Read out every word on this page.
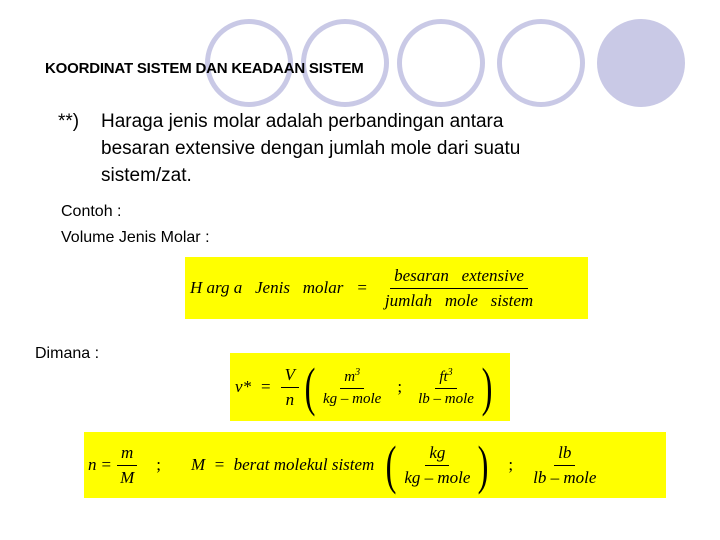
KOORDINAT SISTEM DAN KEADAAN SISTEM
**) Haraga jenis molar adalah perbandingan antara
besaran extensive dengan jumlah mole dari suatu
sistem/zat.
Contoh :
Volume Jenis Molar :
H arg a   Jenis   molar = $\frac{\text{besaran   extensive}}{\text{jumlah   mole   sistem}}$
Dimana :
$v* = \frac{V}{n}$ ( $\frac{m^3}{\text{kg – mole}}$ ; $\frac{ft^3}{\text{lb – mole}}$ )
$n = \frac{m}{M}$ ; M  =  berat molekul sistem ( $\frac{kg}{\text{kg – mole}}$ ) ; $\frac{lb}{\text{lb – mole}}$
